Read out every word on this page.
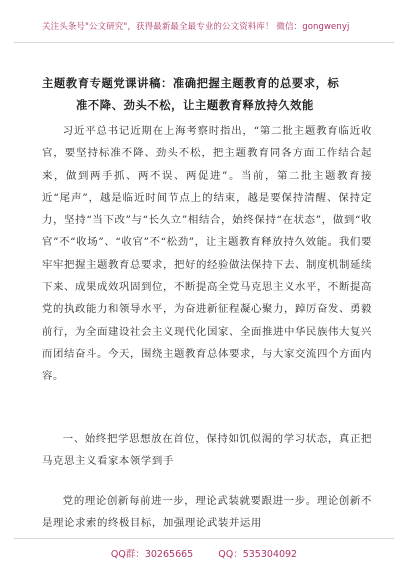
关注头条号"公文研究"，获得最新最全最专业的公文资料库！ 微信：gongwenyj
主题教育专题党课讲稿：准确把握主题教育的总要求，标
准不降、劲头不松，让主题教育释放持久效能

习近平总书记近期在上海考察时指出，“第二批主题教育临近收官，要坚持标准不降、劲头不松，把主题教育同各方面工作结合起来，做到两手抓、两不误、两促进”。当前，第二批主题教育接近“尾声”，越是临近时间节点上的结束，越是要保持清醒、保持定力，坚持“当下改”与“长久立”相结合，始终保持“在状态”，做到“收官”不“收场”、“收官”不“松劲”，让主题教育释放持久效能。我们要牢牢把握主题教育总要求，把好的经验做法保持下去、制度机制延续下来、成果成效巩固到位，不断提高全党马克思主义水平，不断提高党的执政能力和领导水平，为奋进新征程凝心聚力，踔厉奋发、勇毅前行，为全面建设社会主义现代化国家、全面推进中华民族伟大复兴而团结奋斗。今天，围绕主题教育总体要求，与大家交流四个方面内容。

一、始终把学思想放在首位，保持如饥似渴的学习状态，真正把马克思主义看家本领学到手

党的理论创新每前进一步，理论武装就要跟进一步。理论创新不是理论求索的终极目标，加强理论武装并运用

QQ群：30265665	QQ：535304092
